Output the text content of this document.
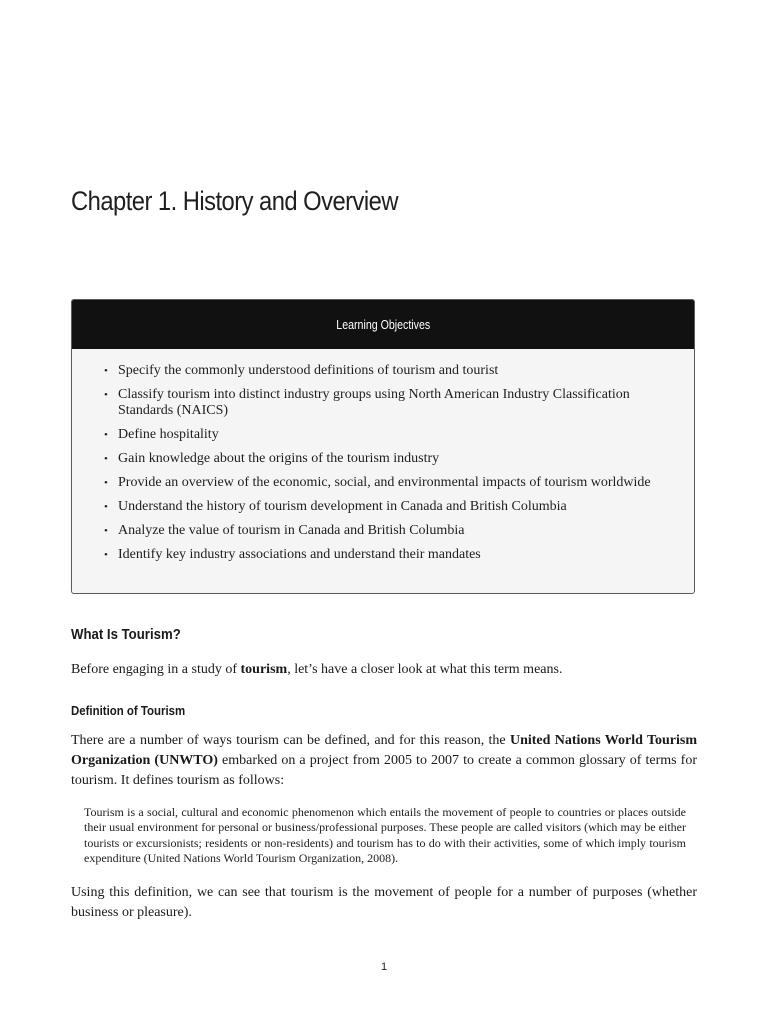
Chapter 1. History and Overview
Learning Objectives
• Specify the commonly understood definitions of tourism and tourist
• Classify tourism into distinct industry groups using North American Industry Classification Standards (NAICS)
• Define hospitality
• Gain knowledge about the origins of the tourism industry
• Provide an overview of the economic, social, and environmental impacts of tourism worldwide
• Understand the history of tourism development in Canada and British Columbia
• Analyze the value of tourism in Canada and British Columbia
• Identify key industry associations and understand their mandates
What Is Tourism?

Before engaging in a study of tourism, let’s have a closer look at what this term means.

Definition of Tourism

There are a number of ways tourism can be defined, and for this reason, the United Nations World Tourism Organization (UNWTO) embarked on a project from 2005 to 2007 to create a common glossary of terms for tourism. It defines tourism as follows:

Tourism is a social, cultural and economic phenomenon which entails the movement of people to countries or places outside their usual environment for personal or business/professional purposes. These people are called visitors (which may be either tourists or excursionists; residents or non-residents) and tourism has to do with their activities, some of which imply tourism expenditure (United Nations World Tourism Organization, 2008).

Using this definition, we can see that tourism is the movement of people for a number of purposes (whether business or pleasure).

1
